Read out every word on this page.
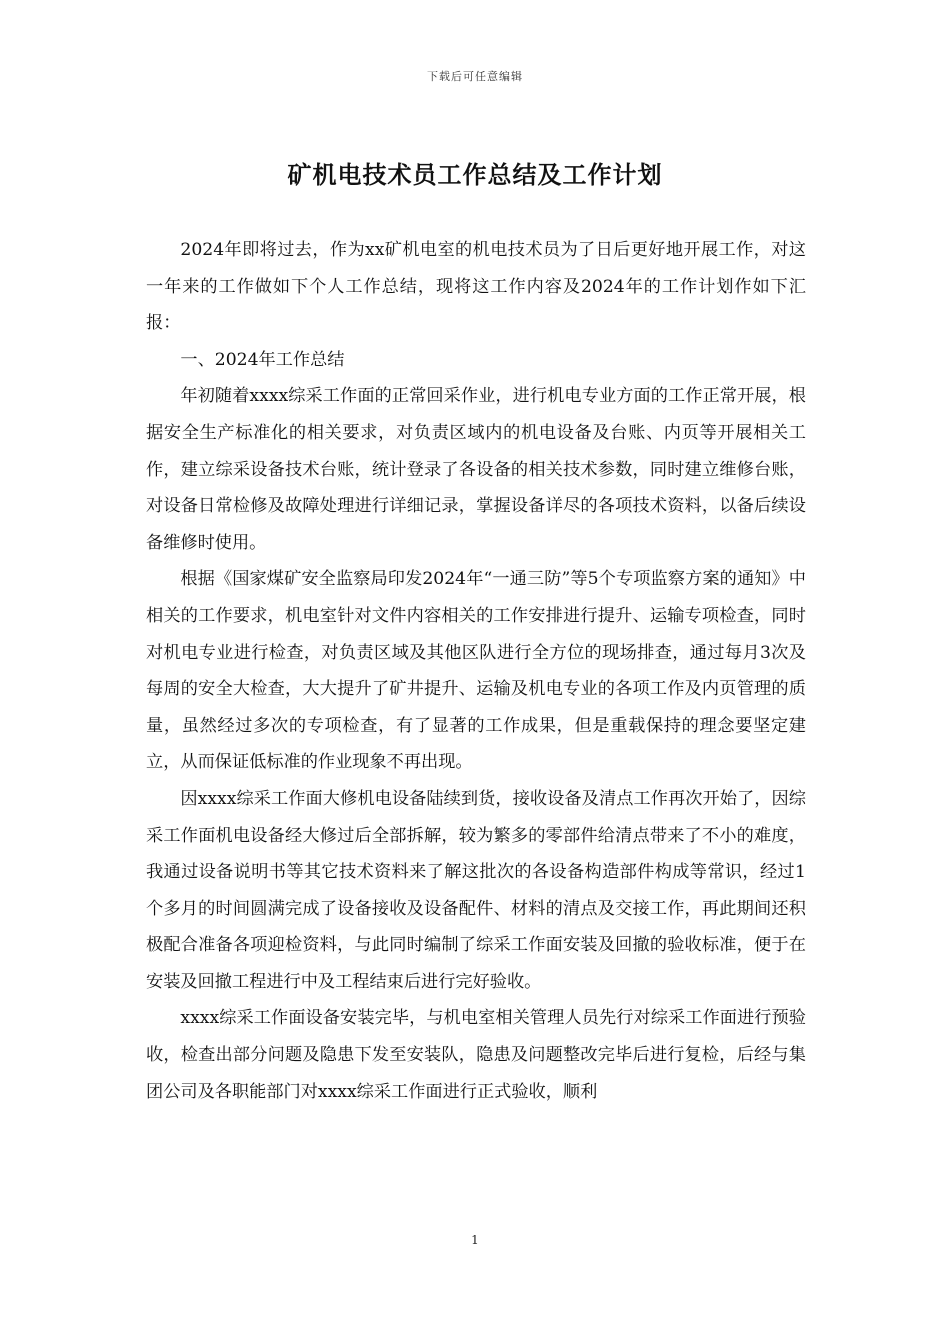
下载后可任意编辑
矿机电技术员工作总结及工作计划

2024年即将过去，作为xx矿机电室的机电技术员为了日后更好地开展工作，对这一年来的工作做如下个人工作总结，现将这工作内容及2024年的工作计划作如下汇报：

一、2024年工作总结

年初随着xxxx综采工作面的正常回采作业，进行机电专业方面的工作正常开展，根据安全生产标准化的相关要求，对负责区域内的机电设备及台账、内页等开展相关工作，建立综采设备技术台账，统计登录了各设备的相关技术参数，同时建立维修台账，对设备日常检修及故障处理进行详细记录，掌握设备详尽的各项技术资料，以备后续设备维修时使用。

根据《国家煤矿安全监察局印发2024年“一通三防”等5个专项监察方案的通知》中相关的工作要求，机电室针对文件内容相关的工作安排进行提升、运输专项检查，同时对机电专业进行检查，对负责区域及其他区队进行全方位的现场排查，通过每月3次及每周的安全大检查，大大提升了矿井提升、运输及机电专业的各项工作及内页管理的质量，虽然经过多次的专项检查，有了显著的工作成果，但是重载保持的理念要坚定建立，从而保证低标准的作业现象不再出现。

因xxxx综采工作面大修机电设备陆续到货，接收设备及清点工作再次开始了，因综采工作面机电设备经大修过后全部拆解，较为繁多的零部件给清点带来了不小的难度，我通过设备说明书等其它技术资料来了解这批次的各设备构造部件构成等常识，经过1个多月的时间圆满完成了设备接收及设备配件、材料的清点及交接工作，再此期间还积极配合准备各项迎检资料，与此同时编制了综采工作面安装及回撤的验收标准，便于在安装及回撤工程进行中及工程结束后进行完好验收。

xxxx综采工作面设备安装完毕，与机电室相关管理人员先行对综采工作面进行预验收，检查出部分问题及隐患下发至安装队，隐患及问题整改完毕后进行复检，后经与集团公司及各职能部门对xxxx综采工作面进行正式验收，顺利

1
